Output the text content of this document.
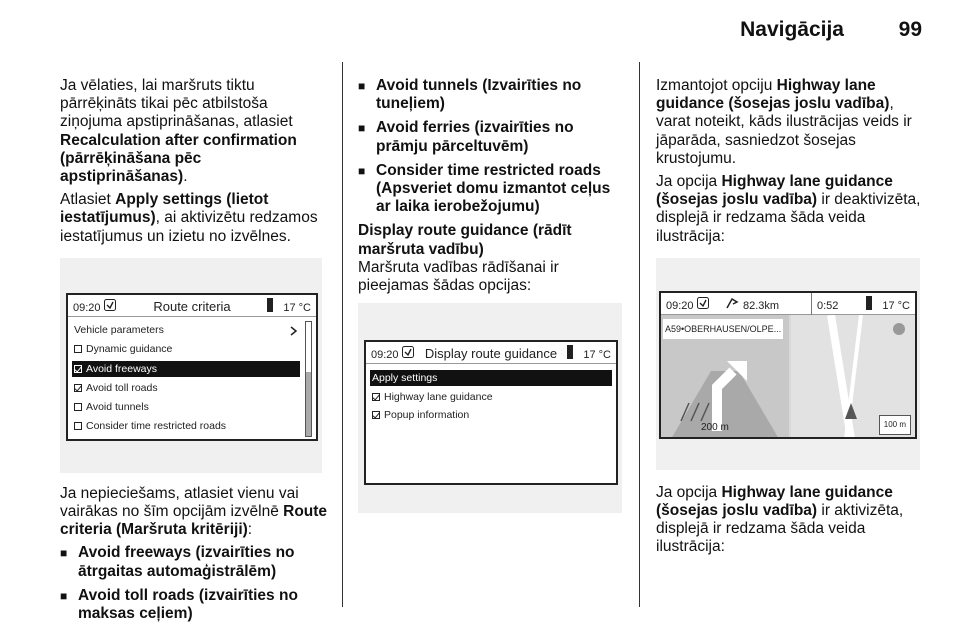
Navigācija	99
Ja vēlaties, lai maršruts tiktu pārrēķināts tikai pēc atbilstoša ziņojuma apstiprināšanas, atlasiet Recalculation after confirmation (pārrēķināšana pēc apstiprināšanas).
Atlasiet Apply settings (lietot iestatījumus), ai aktivizētu redzamos iestatījumus un izietu no izvēlnes.
09:20	Route criteria	17 °C
Vehicle parameters
Dynamic guidance
Avoid freeways
Avoid toll roads
Avoid tunnels
Consider time restricted roads
Ja nepieciešams, atlasiet vienu vai vairākas no šīm opcijām izvēlnē Route criteria (Maršruta kritēriji):
■ Avoid freeways (izvairīties no ātrgaitas automaģistrālēm)
■ Avoid toll roads (izvairīties no maksas ceļiem)
■ Avoid tunnels (Izvairīties no tuneļiem)
■ Avoid ferries (izvairīties no prāmju pārceltuvēm)
■ Consider time restricted roads (Apsveriet domu izmantot ceļus ar laika ierobežojumu)
Display route guidance (rādīt maršruta vadību)
Maršruta vadības rādīšanai ir pieejamas šādas opcijas:
09:20	Display route guidance	17 °C
Apply settings
Highway lane guidance
Popup information
Izmantojot opciju Highway lane guidance (šosejas joslu vadība), varat noteikt, kāds ilustrācijas veids ir jāparāda, sasniedzot šosejas krustojumu.
Ja opcija Highway lane guidance (šosejas joslu vadība) ir deaktivizēta, displejā ir redzama šāda veida ilustrācija:
09:20	82.3km	0:52	17 °C
A59•OBERHAUSEN/OLPE...
200 m	100 m
Ja opcija Highway lane guidance (šosejas joslu vadība) ir aktivizēta, displejā ir redzama šāda veida ilustrācija:
